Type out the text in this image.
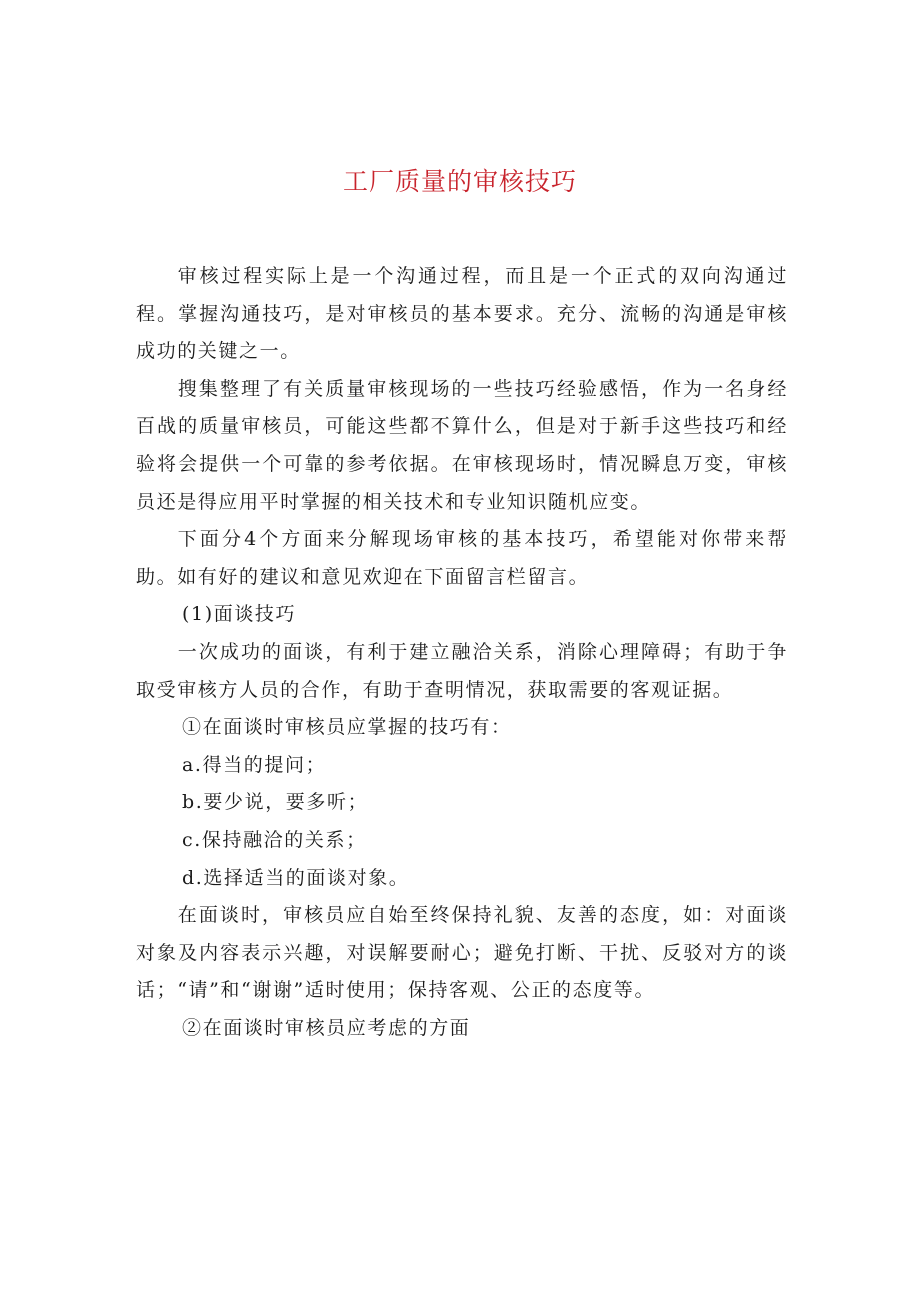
工厂质量的审核技巧

审核过程实际上是一个沟通过程，而且是一个正式的双向沟通过程。掌握沟通技巧，是对审核员的基本要求。充分、流畅的沟通是审核成功的关键之一。

搜集整理了有关质量审核现场的一些技巧经验感悟，作为一名身经百战的质量审核员，可能这些都不算什么，但是对于新手这些技巧和经验将会提供一个可靠的参考依据。在审核现场时，情况瞬息万变，审核员还是得应用平时掌握的相关技术和专业知识随机应变。

下面分4个方面来分解现场审核的基本技巧，希望能对你带来帮助。如有好的建议和意见欢迎在下面留言栏留言。

(1)面谈技巧

一次成功的面谈，有利于建立融洽关系，消除心理障碍；有助于争取受审核方人员的合作，有助于查明情况，获取需要的客观证据。

①在面谈时审核员应掌握的技巧有：

a.得当的提问；

b.要少说，要多听；

c.保持融洽的关系；

d.选择适当的面谈对象。

在面谈时，审核员应自始至终保持礼貌、友善的态度，如：对面谈对象及内容表示兴趣，对误解要耐心；避免打断、干扰、反驳对方的谈话；“请”和“谢谢”适时使用；保持客观、公正的态度等。

②在面谈时审核员应考虑的方面
